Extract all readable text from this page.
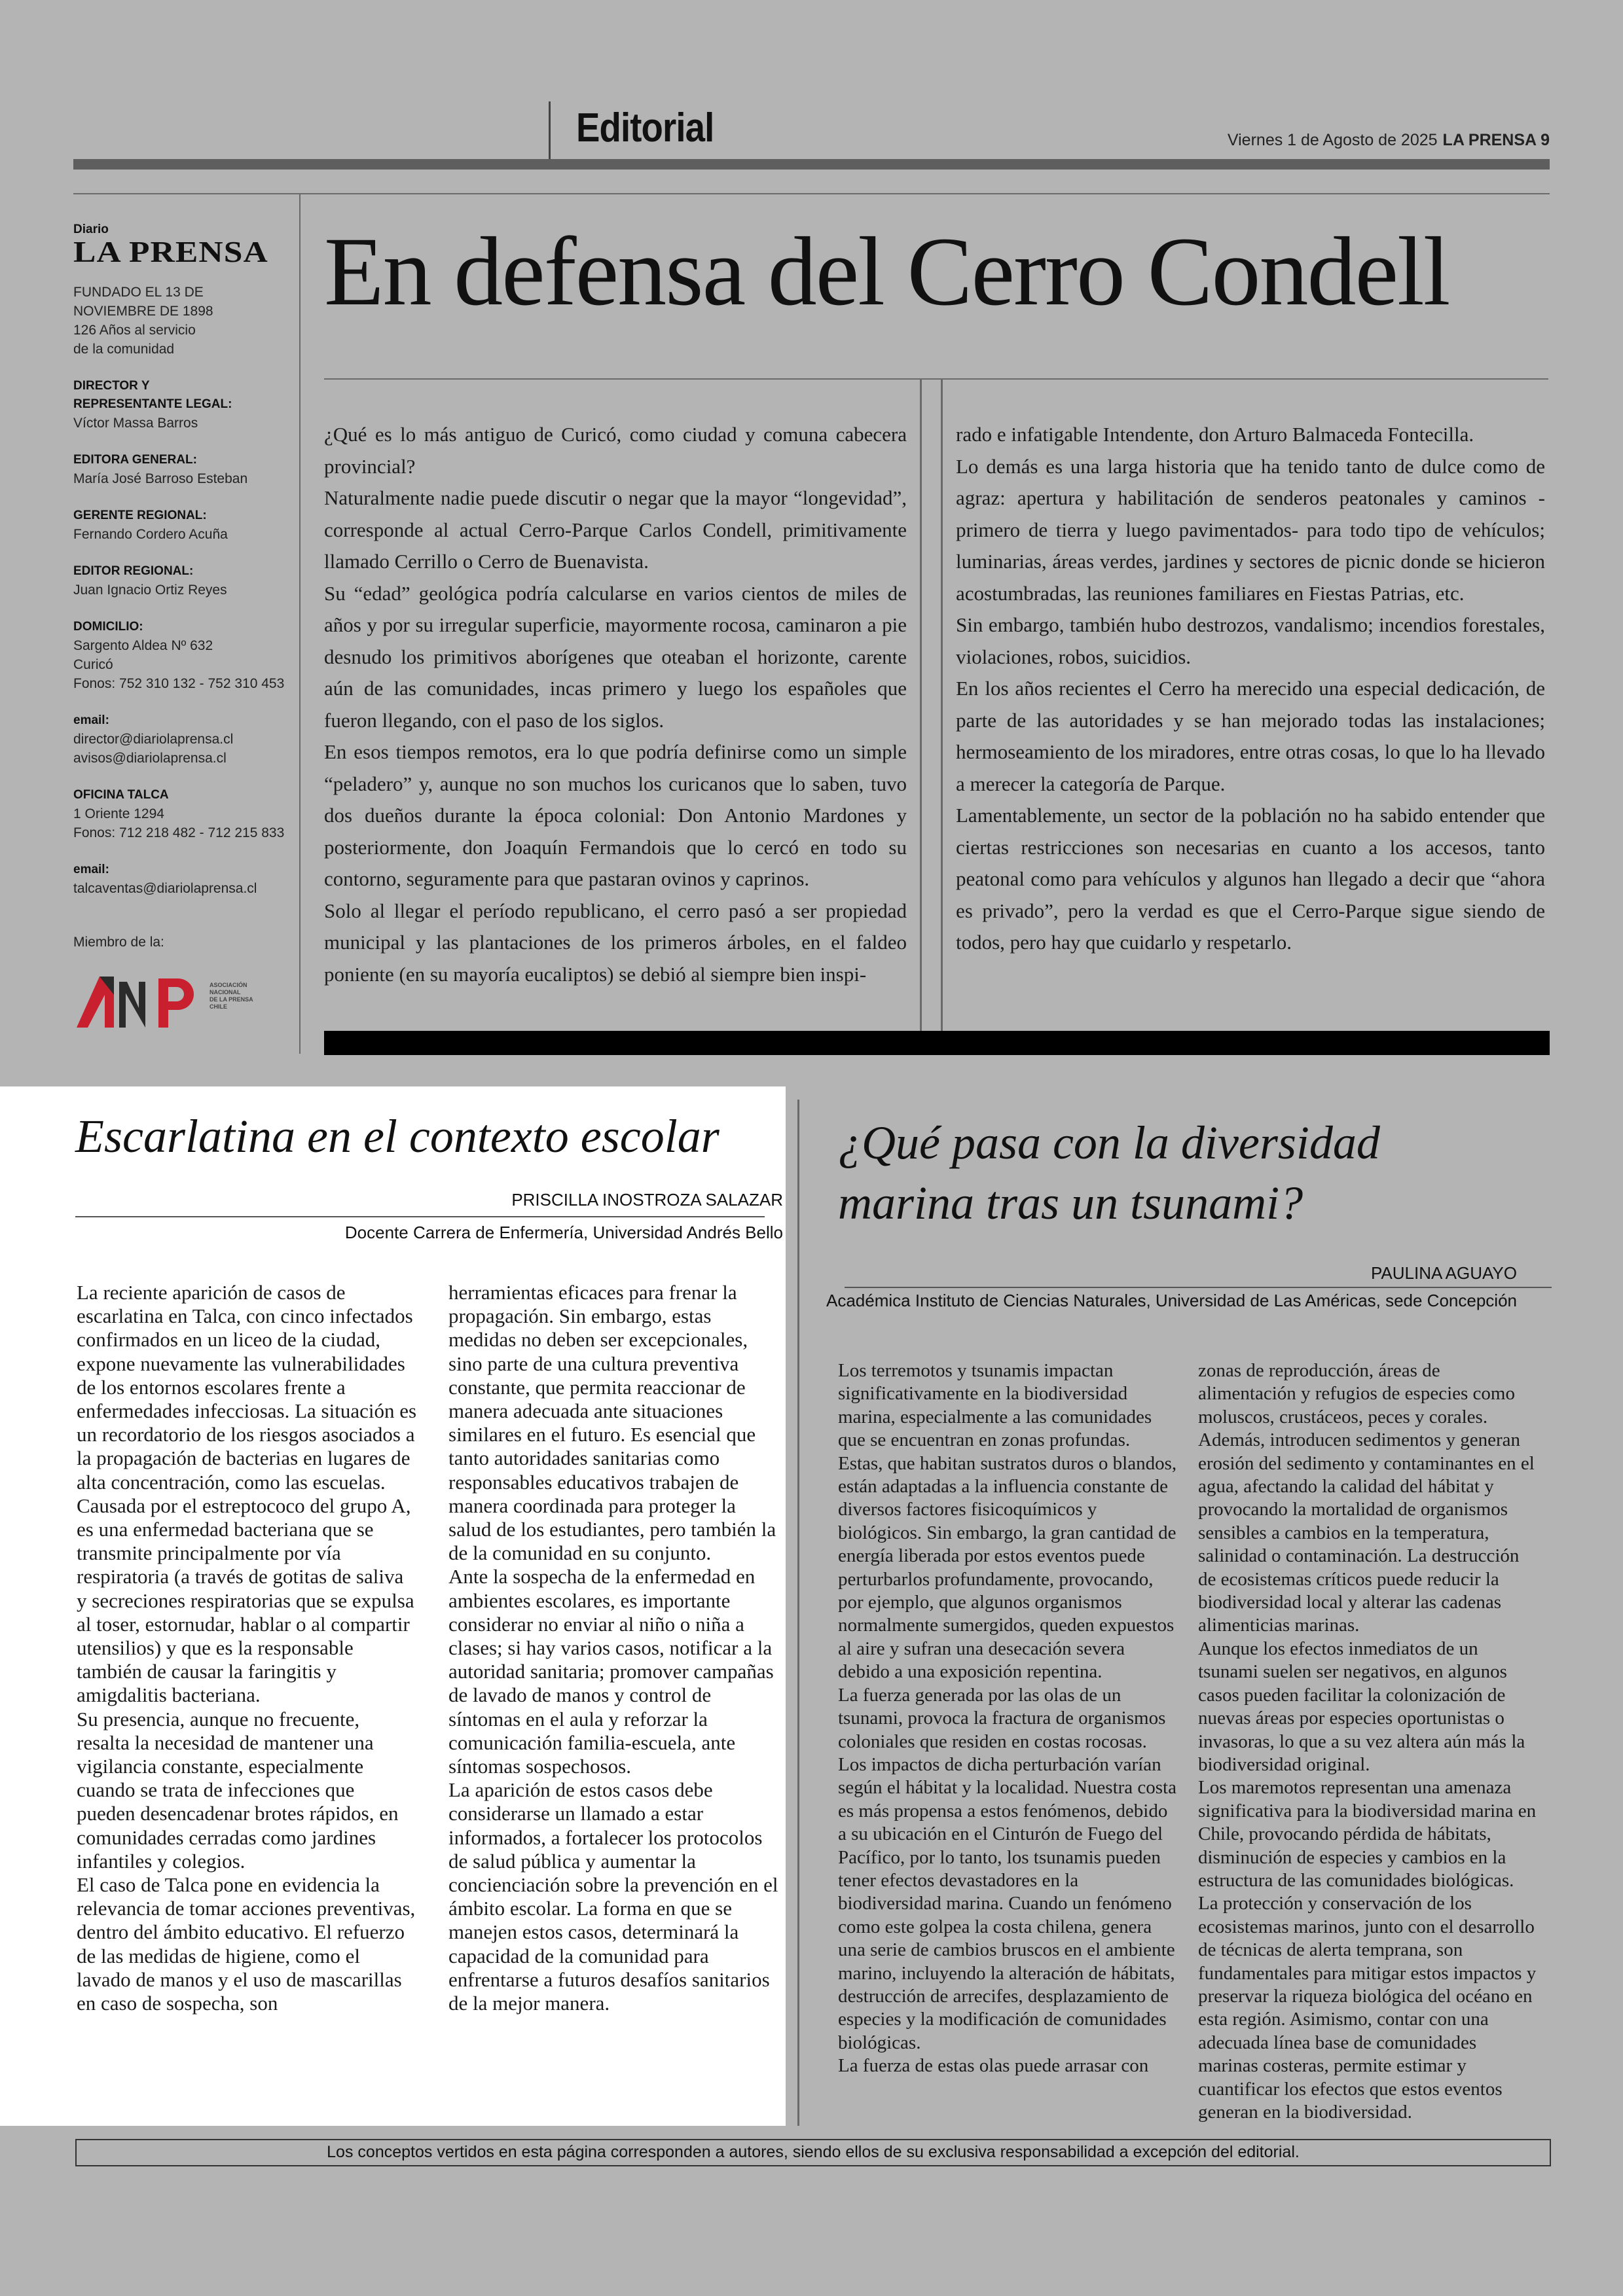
Editorial	Viernes 1 de Agosto de 2025 LA PRENSA 9
Diario
LA PRENSA
FUNDADO EL 13 DE
NOVIEMBRE DE 1898
126 Años al servicio
de la comunidad
DIRECTOR Y
REPRESENTANTE LEGAL:
Víctor Massa Barros
EDITORA GENERAL:
María José Barroso Esteban
GERENTE REGIONAL:
Fernando Cordero Acuña
EDITOR REGIONAL:
Juan Ignacio Ortiz Reyes
DOMICILIO:
Sargento Aldea Nº 632
Curicó
Fonos: 752 310 132 - 752 310 453
email:
director@diariolaprensa.cl
avisos@diariolaprensa.cl
OFICINA TALCA
1 Oriente 1294
Fonos: 712 218 482 - 712 215 833
email:
talcaventas@diariolaprensa.cl
Miembro de la:
ASOCIACIÓN
NACIONAL
DE LA PRENSA
CHILE
En defensa del Cerro Condell

¿Qué es lo más antiguo de Curicó, como ciudad y comuna cabecera provincial?

Naturalmente nadie puede discutir o negar que la mayor “longevidad”, corresponde al actual Cerro-Parque Carlos Condell, primitivamente llamado Cerrillo o Cerro de Buenavista.

Su “edad” geológica podría calcularse en varios cientos de miles de años y por su irregular superficie, mayormente rocosa, caminaron a pie desnudo los primitivos aborígenes que oteaban el horizonte, carente aún de las comunidades, incas primero y luego los españoles que fueron llegando, con el paso de los siglos.

En esos tiempos remotos, era lo que podría definirse como un simple “peladero” y, aunque no son muchos los curicanos que lo saben, tuvo dos dueños durante la época colonial: Don Antonio Mardones y posteriormente, don Joaquín Fermandois que lo cercó en todo su contorno, seguramente para que pastaran ovinos y caprinos.

Solo al llegar el período republicano, el cerro pasó a ser propiedad municipal y las plantaciones de los primeros árboles, en el faldeo poniente (en su mayoría eucaliptos) se debió al siempre bien inspi-

rado e infatigable Intendente, don Arturo Balmaceda Fontecilla.

Lo demás es una larga historia que ha tenido tanto de dulce como de agraz: apertura y habilitación de senderos peatonales y caminos -primero de tierra y luego pavimentados- para todo tipo de vehículos; luminarias, áreas verdes, jardines y sectores de picnic donde se hicieron acostumbradas, las reuniones familiares en Fiestas Patrias, etc.

Sin embargo, también hubo destrozos, vandalismo; incendios forestales, violaciones, robos, suicidios.

En los años recientes el Cerro ha merecido una especial dedicación, de parte de las autoridades y se han mejorado todas las instalaciones; hermoseamiento de los miradores, entre otras cosas, lo que lo ha llevado a merecer la categoría de Parque.

Lamentablemente, un sector de la población no ha sabido entender que ciertas restricciones son necesarias en cuanto a los accesos, tanto peatonal como para vehículos y algunos han llegado a decir que “ahora es privado”, pero la verdad es que el Cerro-Parque sigue siendo de todos, pero hay que cuidarlo y respetarlo.

Escarlatina en el contexto escolar
PRISCILLA INOSTROZA SALAZAR
Docente Carrera de Enfermería, Universidad Andrés Bello

La reciente aparición de casos de escarlatina en Talca, con cinco infectados confirmados en un liceo de la ciudad, expone nuevamente las vulnerabilidades de los entornos escolares frente a enfermedades infecciosas. La situación es un recordatorio de los riesgos asociados a la propagación de bacterias en lugares de alta concentración, como las escuelas.

Causada por el estreptococo del grupo A, es una enfermedad bacteriana que se transmite principalmente por vía respiratoria (a través de gotitas de saliva y secreciones respiratorias que se expulsa al toser, estornudar, hablar o al compartir utensilios) y que es la responsable también de causar la faringitis y amigdalitis bacteriana.

Su presencia, aunque no frecuente, resalta la necesidad de mantener una vigilancia constante, especialmente cuando se trata de infecciones que pueden desencadenar brotes rápidos, en comunidades cerradas como jardines infantiles y colegios.

El caso de Talca pone en evidencia la relevancia de tomar acciones preventivas, dentro del ámbito educativo. El refuerzo de las medidas de higiene, como el lavado de manos y el uso de mascarillas en caso de sospecha, son

herramientas eficaces para frenar la propagación. Sin embargo, estas medidas no deben ser excepcionales, sino parte de una cultura preventiva constante, que permita reaccionar de manera adecuada ante situaciones similares en el futuro. Es esencial que tanto autoridades sanitarias como responsables educativos trabajen de manera coordinada para proteger la salud de los estudiantes, pero también la de la comunidad en su conjunto.

Ante la sospecha de la enfermedad en ambientes escolares, es importante considerar no enviar al niño o niña a clases; si hay varios casos, notificar a la autoridad sanitaria; promover campañas de lavado de manos y control de síntomas en el aula y reforzar la comunicación familia-escuela, ante síntomas sospechosos.

La aparición de estos casos debe considerarse un llamado a estar informados, a fortalecer los protocolos de salud pública y aumentar la concienciación sobre la prevención en el ámbito escolar. La forma en que se manejen estos casos, determinará la capacidad de la comunidad para enfrentarse a futuros desafíos sanitarios de la mejor manera.

¿Qué pasa con la diversidad
marina tras un tsunami?
PAULINA AGUAYO
Académica Instituto de Ciencias Naturales, Universidad de Las Américas, sede Concepción

Los terremotos y tsunamis impactan significativamente en la biodiversidad marina, especialmente a las comunidades que se encuentran en zonas profundas. Estas, que habitan sustratos duros o blandos, están adaptadas a la influencia constante de diversos factores fisicoquímicos y biológicos. Sin embargo, la gran cantidad de energía liberada por estos eventos puede perturbarlos profundamente, provocando, por ejemplo, que algunos organismos normalmente sumergidos, queden expuestos al aire y sufran una desecación severa debido a una exposición repentina.

La fuerza generada por las olas de un tsunami, provoca la fractura de organismos coloniales que residen en costas rocosas. Los impactos de dicha perturbación varían según el hábitat y la localidad. Nuestra costa es más propensa a estos fenómenos, debido a su ubicación en el Cinturón de Fuego del Pacífico, por lo tanto, los tsunamis pueden tener efectos devastadores en la biodiversidad marina. Cuando un fenómeno como este golpea la costa chilena, genera una serie de cambios bruscos en el ambiente marino, incluyendo la alteración de hábitats, destrucción de arrecifes, desplazamiento de especies y la modificación de comunidades biológicas.

La fuerza de estas olas puede arrasar con

zonas de reproducción, áreas de alimentación y refugios de especies como moluscos, crustáceos, peces y corales. Además, introducen sedimentos y generan erosión del sedimento y contaminantes en el agua, afectando la calidad del hábitat y provocando la mortalidad de organismos sensibles a cambios en la temperatura, salinidad o contaminación. La destrucción de ecosistemas críticos puede reducir la biodiversidad local y alterar las cadenas alimenticias marinas.

Aunque los efectos inmediatos de un tsunami suelen ser negativos, en algunos casos pueden facilitar la colonización de nuevas áreas por especies oportunistas o invasoras, lo que a su vez altera aún más la biodiversidad original.

Los maremotos representan una amenaza significativa para la biodiversidad marina en Chile, provocando pérdida de hábitats, disminución de especies y cambios en la estructura de las comunidades biológicas. La protección y conservación de los ecosistemas marinos, junto con el desarrollo de técnicas de alerta temprana, son fundamentales para mitigar estos impactos y preservar la riqueza biológica del océano en esta región. Asimismo, contar con una adecuada línea base de comunidades marinas costeras, permite estimar y cuantificar los efectos que estos eventos generan en la biodiversidad.

Los conceptos vertidos en esta página corresponden a autores, siendo ellos de su exclusiva responsabilidad a excepción del editorial.
